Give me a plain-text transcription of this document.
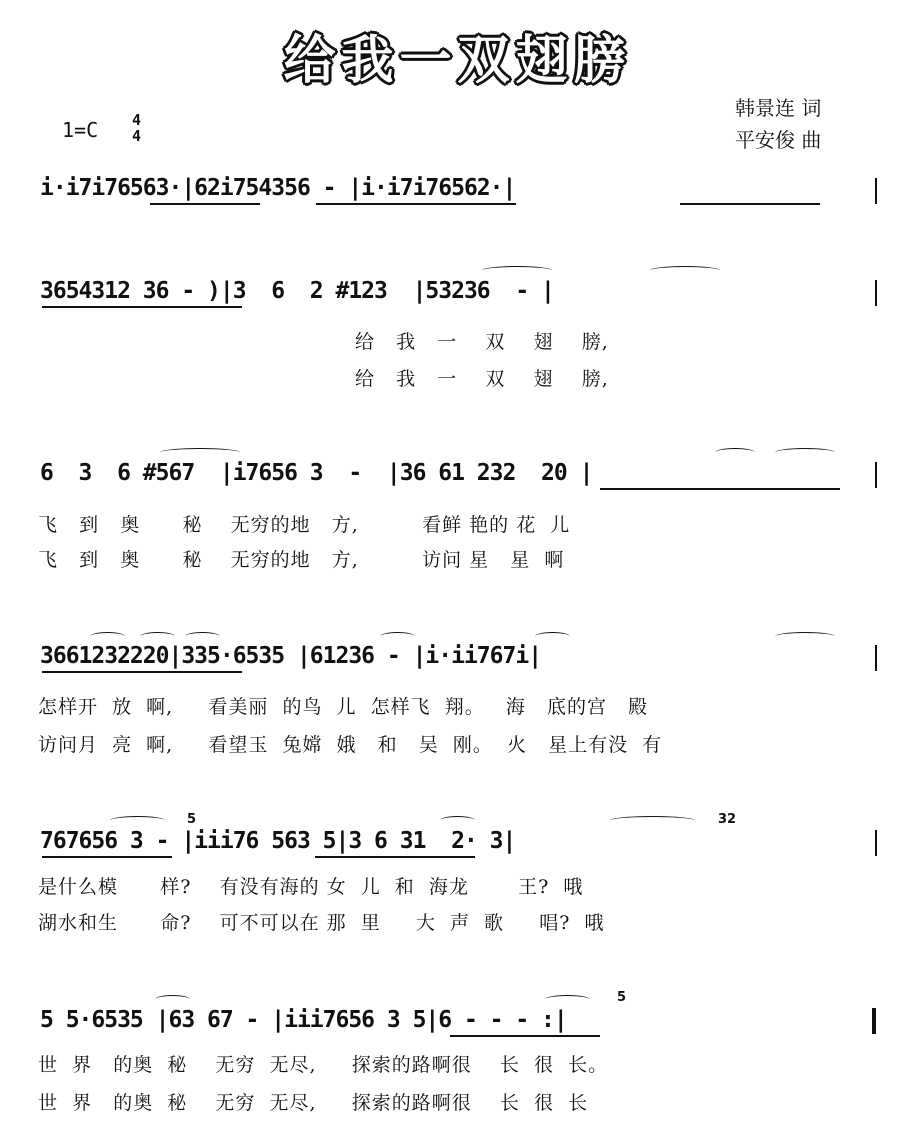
给我一双翅膀
韩景连 词
平安俊 曲
1=C 4
4
i·i7i76563·|62i754356 - |i·i7i76562·|
3654312 36 - )|3  6  2 #123  |53236  - |
给   我   一    双    翅    膀,
给   我   一    双    翅    膀,
6  3  6 #567  |i7656 3  -  |36 61 232  20 |
飞   到   奥      秘    无穷的地   方,         看鲜 艳的 花  儿
飞   到   奥      秘    无穷的地   方,         访问 星   星  啊
3661232220|335·6535 |61236 - |i·ii767i|
怎样开  放  啊,     看美丽  的鸟  儿  怎样飞  翔。   海   底的宫   殿
访问月  亮  啊,     看望玉  兔嫦  娥   和   吴  刚。  火   星上有没  有
767656 3 - |iii76 563 5|3 6 31  2· 3|
5	32
是什么模      样?    有没有海的 女  儿  和  海龙       王?  哦
湖水和生      命?    可不可以在 那  里     大  声  歌     唱?  哦
5 5·6535 |63 67 - |iii7656 3 5|6 - - - :|
5
世  界   的奥  秘    无穷  无尽,     探索的路啊很    长  很  长。
世  界   的奥  秘    无穷  无尽,     探索的路啊很    长  很  长
